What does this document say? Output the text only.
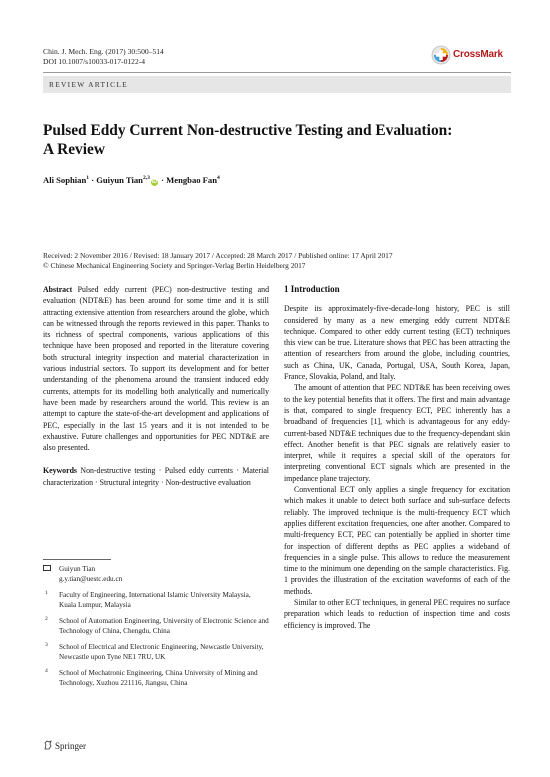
Chin. J. Mech. Eng. (2017) 30:500–514
DOI 10.1007/s10033-017-0122-4
CrossMark
REVIEW ARTICLE
Pulsed Eddy Current Non-destructive Testing and Evaluation:
A Review
Ali Sophian$^1$ · Guiyun Tian$^{2,3}$iD · Mengbao Fan$^4$
Received: 2 November 2016 / Revised: 18 January 2017 / Accepted: 28 March 2017 / Published online: 17 April 2017
© Chinese Mechanical Engineering Society and Springer-Verlag Berlin Heidelberg 2017

Abstract Pulsed eddy current (PEC) non-destructive testing and evaluation (NDT&E) has been around for some time and it is still attracting extensive attention from researchers around the globe, which can be witnessed through the reports reviewed in this paper. Thanks to its richness of spectral components, various applications of this technique have been proposed and reported in the literature covering both structural integrity inspection and material characterization in various industrial sectors. To support its development and for better understanding of the phenomena around the transient induced eddy currents, attempts for its modelling both analytically and numerically have been made by researchers around the world. This review is an attempt to capture the state-of-the-art development and applications of PEC, especially in the last 15 years and it is not intended to be exhaustive. Future challenges and opportunities for PEC NDT&E are also presented.

Keywords Non-destructive testing · Pulsed eddy currents · Material characterization · Structural integrity · Non-destructive evaluation

Guiyun Tian
g.y.tian@uestc.edu.cn
1 Faculty of Engineering, International Islamic University Malaysia, Kuala Lumpur, Malaysia
2 School of Automation Engineering, University of Electronic Science and Technology of China, Chengdu, China
3 School of Electrical and Electronic Engineering, Newcastle University, Newcastle upon Tyne NE1 7RU, UK
4 School of Mechatronic Engineering, China University of Mining and Technology, Xuzhou 221116, Jiangsu, China

1 Introduction

Despite its approximately-five-decade-long history, PEC is still considered by many as a new emerging eddy current NDT&E technique. Compared to other eddy current testing (ECT) techniques this view can be true. Literature shows that PEC has been attracting the attention of researchers from around the globe, including countries, such as China, UK, Canada, Portugal, USA, South Korea, Japan, France, Slovakia, Poland, and Italy.

The amount of attention that PEC NDT&E has been receiving owes to the key potential benefits that it offers. The first and main advantage is that, compared to single frequency ECT, PEC inherently has a broadband of frequencies [1], which is advantageous for any eddy-current-based NDT&E techniques due to the frequency-dependant skin effect. Another benefit is that PEC signals are relatively easier to interpret, while it requires a special skill of the operators for interpreting conventional ECT signals which are presented in the impedance plane trajectory.

Conventional ECT only applies a single frequency for excitation which makes it unable to detect both surface and sub-surface defects reliably. The improved technique is the multi-frequency ECT which applies different excitation frequencies, one after another. Compared to multi-frequency ECT, PEC can potentially be applied in shorter time for inspection of different depths as PEC applies a wideband of frequencies in a single pulse. This allows to reduce the measurement time to the minimum one depending on the sample characteristics. Fig. 1 provides the illustration of the excitation waveforms of each of the methods.

Similar to other ECT techniques, in general PEC requires no surface preparation which leads to reduction of inspection time and costs efficiency is improved. The

Springer
